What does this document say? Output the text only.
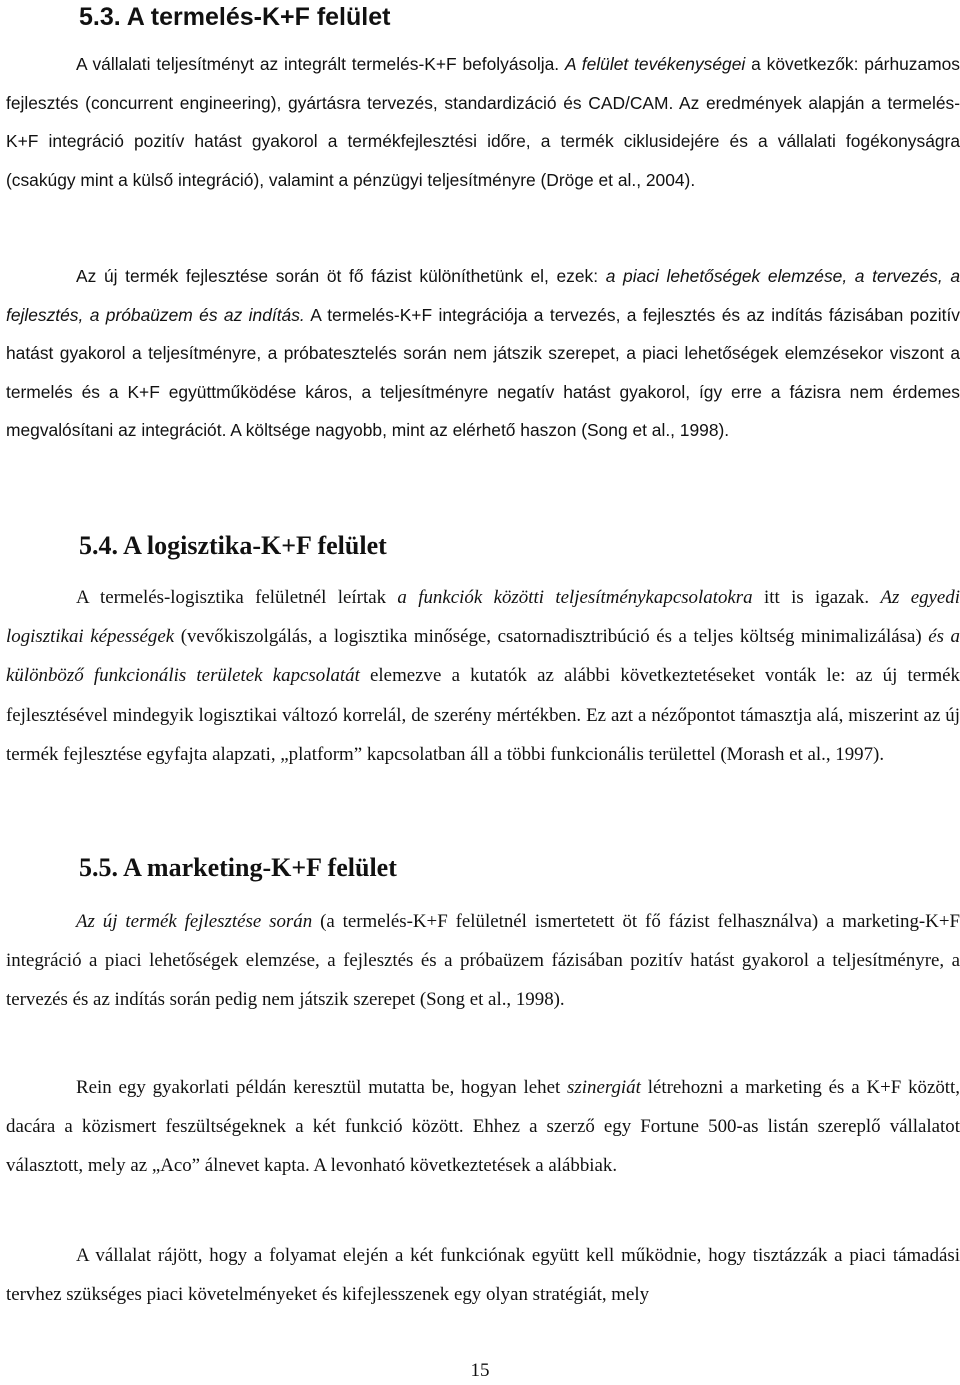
5.3. A termelés-K+F felület

A vállalati teljesítményt az integrált termelés-K+F befolyásolja. A felület tevékenységei a következők: párhuzamos fejlesztés (concurrent engineering), gyártásra tervezés, standardizáció és CAD/CAM. Az eredmények alapján a termelés-K+F integráció pozitív hatást gyakorol a termékfejlesztési időre, a termék ciklusidejére és a vállalati fogékonyságra (csakúgy mint a külső integráció), valamint a pénzügyi teljesítményre (Dröge et al., 2004).

Az új termék fejlesztése során öt fő fázist különíthetünk el, ezek: a piaci lehetőségek elemzése, a tervezés, a fejlesztés, a próbaüzem és az indítás. A termelés-K+F integrációja a tervezés, a fejlesztés és az indítás fázisában pozitív hatást gyakorol a teljesítményre, a próbatesztelés során nem játszik szerepet, a piaci lehetőségek elemzésekor viszont a termelés és a K+F együttműködése káros, a teljesítményre negatív hatást gyakorol, így erre a fázisra nem érdemes megvalósítani az integrációt. A költsége nagyobb, mint az elérhető haszon (Song et al., 1998).

5.4. A logisztika-K+F felület

A termelés-logisztika felületnél leírtak a funkciók közötti teljesítménykapcsolatokra itt is igazak. Az egyedi logisztikai képességek (vevőkiszolgálás, a logisztika minősége, csatornadisztribúció és a teljes költség minimalizálása) és a különböző funkcionális területek kapcsolatát elemezve a kutatók az alábbi következtetéseket vonták le: az új termék fejlesztésével mindegyik logisztikai változó korrelál, de szerény mértékben. Ez azt a nézőpontot támasztja alá, miszerint az új termék fejlesztése egyfajta alapzati, „platform” kapcsolatban áll a többi funkcionális területtel (Morash et al., 1997).

5.5. A marketing-K+F felület

Az új termék fejlesztése során (a termelés-K+F felületnél ismertetett öt fő fázist felhasználva) a marketing-K+F integráció a piaci lehetőségek elemzése, a fejlesztés és a próbaüzem fázisában pozitív hatást gyakorol a teljesítményre, a tervezés és az indítás során pedig nem játszik szerepet (Song et al., 1998).

Rein egy gyakorlati példán keresztül mutatta be, hogyan lehet szinergiát létrehozni a marketing és a K+F között, dacára a közismert feszültségeknek a két funkció között. Ehhez a szerző egy Fortune 500-as listán szereplő vállalatot választott, mely az „Aco” álnevet kapta. A levonható következtetések a alábbiak.

A vállalat rájött, hogy a folyamat elején a két funkciónak együtt kell működnie, hogy tisztázzák a piaci támadási tervhez szükséges piaci követelményeket és kifejlesszenek egy olyan stratégiát, mely

15
